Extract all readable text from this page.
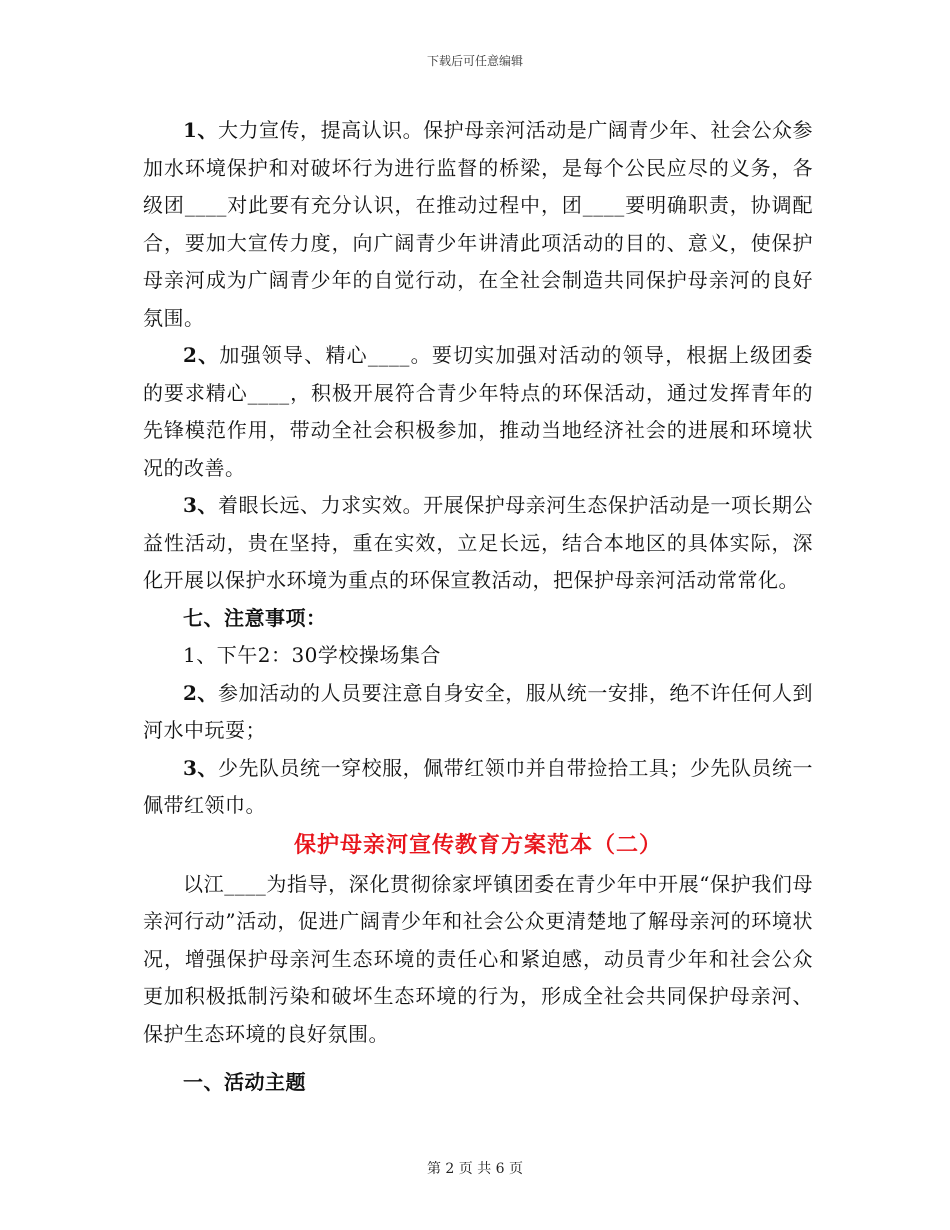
下载后可任意编辑

1、大力宣传，提高认识。保护母亲河活动是广阔青少年、社会公众参加水环境保护和对破坏行为进行监督的桥梁，是每个公民应尽的义务，各级团____对此要有充分认识，在推动过程中，团____要明确职责，协调配合，要加大宣传力度，向广阔青少年讲清此项活动的目的、意义，使保护母亲河成为广阔青少年的自觉行动，在全社会制造共同保护母亲河的良好氛围。

2、加强领导、精心____。要切实加强对活动的领导，根据上级团委的要求精心____，积极开展符合青少年特点的环保活动，通过发挥青年的先锋模范作用，带动全社会积极参加，推动当地经济社会的进展和环境状况的改善。

3、着眼长远、力求实效。开展保护母亲河生态保护活动是一项长期公益性活动，贵在坚持，重在实效，立足长远，结合本地区的具体实际，深化开展以保护水环境为重点的环保宣教活动，把保护母亲河活动常常化。

七、注意事项：

1、下午2：30学校操场集合

2、参加活动的人员要注意自身安全，服从统一安排，绝不许任何人到河水中玩耍；

3、少先队员统一穿校服，佩带红领巾并自带捡拾工具；少先队员统一佩带红领巾。

保护母亲河宣传教育方案范本（二）

以江____为指导，深化贯彻徐家坪镇团委在青少年中开展“保护我们母亲河行动”活动，促进广阔青少年和社会公众更清楚地了解母亲河的环境状况，增强保护母亲河生态环境的责任心和紧迫感，动员青少年和社会公众更加积极抵制污染和破坏生态环境的行为，形成全社会共同保护母亲河、保护生态环境的良好氛围。

一、活动主题

第 2 页 共 6 页
